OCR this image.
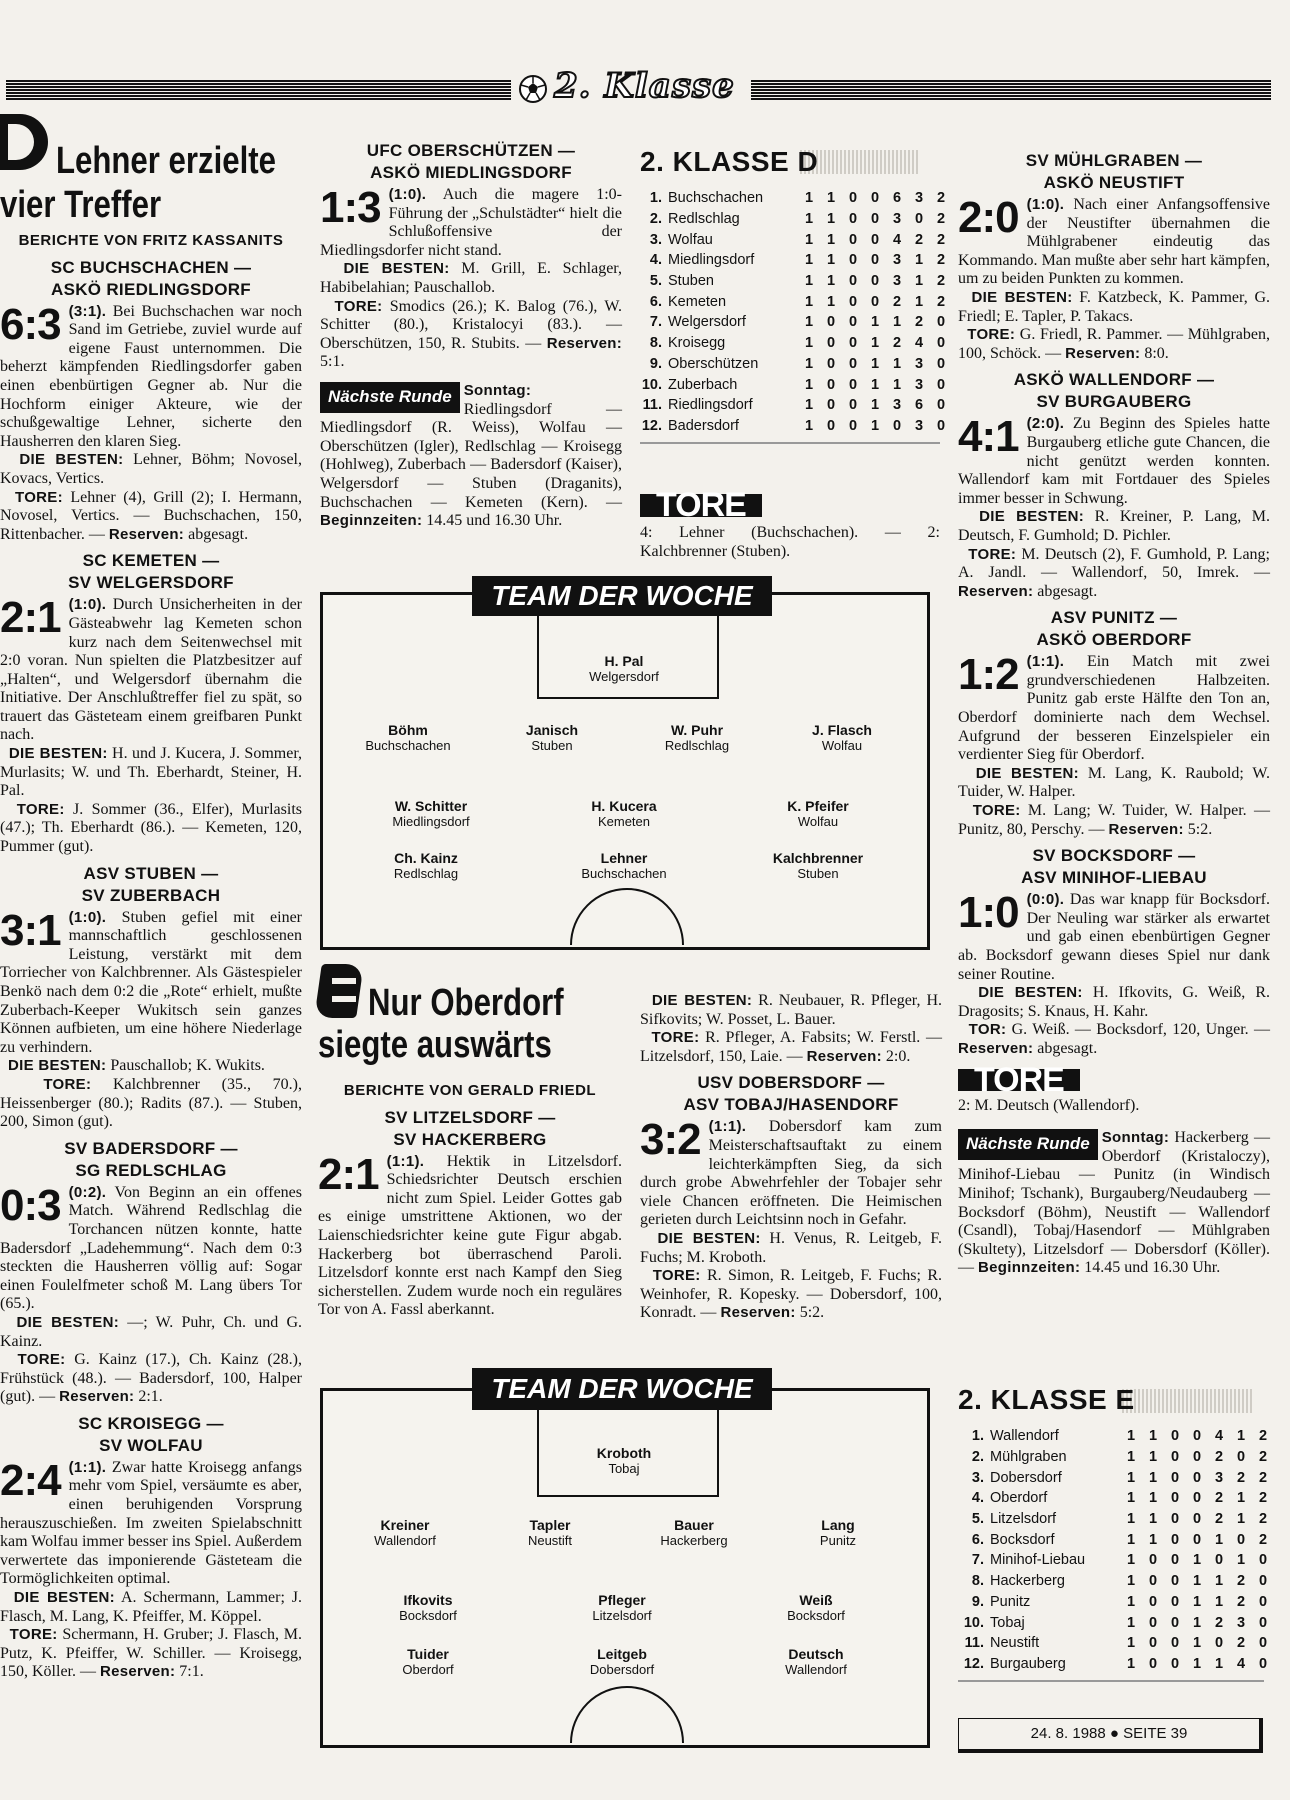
2. Klasse
Lehner erzielte
vier Treffer
BERICHTE VON FRITZ KASSANITS
SC BUCHSCHACHEN —
ASKÖ RIEDLINGSDORF

6:3 (3:1). Bei Buchschachen war noch Sand im Getriebe, zuviel wurde auf eigene Faust unternommen. Die beherzt kämpfenden Riedlingsdorfer gaben einen ebenbürtigen Gegner ab. Nur die Hochform einiger Akteure, wie der schußgewaltige Lehner, sicherte den Hausherren den klaren Sieg.

DIE BESTEN: Lehner, Böhm; Novosel, Kovacs, Vertics.

TORE: Lehner (4), Grill (2); I. Hermann, Novosel, Vertics. — Buchschachen, 150, Rittenbacher. — Reserven: abgesagt.

SC KEMETEN —
SV WELGERSDORF

2:1 (1:0). Durch Unsicherheiten in der Gästeabwehr lag Kemeten schon kurz nach dem Seitenwechsel mit 2:0 voran. Nun spielten die Platzbesitzer auf „Halten“, und Welgersdorf übernahm die Initiative. Der Anschlußtreffer fiel zu spät, so trauert das Gästeteam einem greifbaren Punkt nach.

DIE BESTEN: H. und J. Kucera, J. Sommer, Murlasits; W. und Th. Eberhardt, Steiner, H. Pal.

TORE: J. Sommer (36., Elfer), Murlasits (47.); Th. Eberhardt (86.). — Kemeten, 120, Pummer (gut).

ASV STUBEN —
SV ZUBERBACH

3:1 (1:0). Stuben gefiel mit einer mannschaftlich geschlossenen Leistung, verstärkt mit dem Torriecher von Kalchbrenner. Als Gästespieler Benkö nach dem 0:2 die „Rote“ erhielt, mußte Zuberbach-Keeper Wukitsch sein ganzes Können aufbieten, um eine höhere Niederlage zu verhindern.

DIE BESTEN: Pauschallob; K. Wukits.

TORE: Kalchbrenner (35., 70.), Heissenberger (80.); Radits (87.). — Stuben, 200, Simon (gut).

SV BADERSDORF —
SG REDLSCHLAG

0:3 (0:2). Von Beginn an ein offenes Match. Während Redlschlag die Torchancen nützen konnte, hatte Badersdorf „Ladehemmung“. Nach dem 0:3 steckten die Hausherren völlig auf: Sogar einen Foulelfmeter schoß M. Lang übers Tor (65.).

DIE BESTEN: —; W. Puhr, Ch. und G. Kainz.

TORE: G. Kainz (17.), Ch. Kainz (28.), Frühstück (48.). — Badersdorf, 100, Halper (gut). — Reserven: 2:1.

SC KROISEGG —
SV WOLFAU

2:4 (1:1). Zwar hatte Kroisegg anfangs mehr vom Spiel, versäumte es aber, einen beruhigenden Vorsprung herauszuschießen. Im zweiten Spielabschnitt kam Wolfau immer besser ins Spiel. Außerdem verwertete das imponierende Gästeteam die Tormöglichkeiten optimal.

DIE BESTEN: A. Schermann, Lammer; J. Flasch, M. Lang, K. Pfeiffer, M. Köppel.

TORE: Schermann, H. Gruber; J. Flasch, M. Putz, K. Pfeiffer, W. Schiller. — Kroisegg, 150, Köller. — Reserven: 7:1.

UFC OBERSCHÜTZEN —
ASKÖ MIEDLINGSDORF

1:3 (1:0). Auch die magere 1:0-Führung der „Schulstädter“ hielt die Schlußoffensive der Miedlingsdorfer nicht stand.

DIE BESTEN: M. Grill, E. Schlager, Habibelahian; Pauschallob.

TORE: Smodics (26.); K. Balog (76.), W. Schitter (80.), Kristalocyi (83.). — Oberschützen, 150, R. Stubits. — Reserven: 5:1.

Nächste Runde Sonntag: Riedlingsdorf — Miedlingsdorf (R. Weiss), Wolfau — Oberschützen (Igler), Redlschlag — Kroisegg (Hohlweg), Zuberbach — Badersdorf (Kaiser), Welgersdorf — Stuben (Draganits), Buchschachen — Kemeten (Kern). — Beginnzeiten: 14.45 und 16.30 Uhr.

2. KLASSE D
1. Buchschachen	1 1 0 0 6 3 2
2. Redlschlag	1 1 0 0 3 0 2
3. Wolfau	1 1 0 0 4 2 2
4. Miedlingsdorf	1 1 0 0 3 1 2
5. Stuben	1 1 0 0 3 1 2
6. Kemeten	1 1 0 0 2 1 2
7. Welgersdorf	1 0 0 1 1 2 0
8. Kroisegg	1 0 0 1 2 4 0
9. Oberschützen	1 0 0 1 1 3 0
10. Zuberbach	1 0 0 1 1 3 0
11. Riedlingsdorf	1 0 0 1 3 6 0
12. Badersdorf	1 0 0 1 0 3 0

TORE
4: Lehner (Buchschachen). — 2: Kalchbrenner (Stuben).

TEAM DER WOCHE
H. Pal
Welgersdorf
Böhm
Buchschachen
Janisch
Stuben
W. Puhr
Redlschlag
J. Flasch
Wolfau
W. Schitter
Miedlingsdorf
H. Kucera
Kemeten
K. Pfeifer
Wolfau
Ch. Kainz
Redlschlag
Lehner
Buchschachen
Kalchbrenner
Stuben
Nur Oberdorf
siegte auswärts
BERICHTE VON GERALD FRIEDL
SV LITZELSDORF —
SV HACKERBERG

2:1 (1:1). Hektik in Litzelsdorf. Schiedsrichter Deutsch erschien nicht zum Spiel. Leider Gottes gab es einige umstrittene Aktionen, wo der Laienschiedsrichter keine gute Figur abgab. Hackerberg bot überraschend Paroli. Litzelsdorf konnte erst nach Kampf den Sieg sicherstellen. Zudem wurde noch ein reguläres Tor von A. Fassl aberkannt.

DIE BESTEN: R. Neubauer, R. Pfleger, H. Sifkovits; W. Posset, L. Bauer.

TORE: R. Pfleger, A. Fabsits; W. Ferstl. — Litzelsdorf, 150, Laie. — Reserven: 2:0.

USV DOBERSDORF —
ASV TOBAJ/HASENDORF

3:2 (1:1). Dobersdorf kam zum Meisterschaftsauftakt zu einem leichterkämpften Sieg, da sich durch grobe Abwehrfehler der Tobajer sehr viele Chancen eröffneten. Die Heimischen gerieten durch Leichtsinn noch in Gefahr.

DIE BESTEN: H. Venus, R. Leitgeb, F. Fuchs; M. Kroboth.

TORE: R. Simon, R. Leitgeb, F. Fuchs; R. Weinhofer, R. Kopesky. — Dobersdorf, 100, Konradt. — Reserven: 5:2.

TEAM DER WOCHE
Kroboth
Tobaj
Kreiner
Wallendorf
Tapler
Neustift
Bauer
Hackerberg
Lang
Punitz
Ifkovits
Bocksdorf
Pfleger
Litzelsdorf
Weiß
Bocksdorf
Tuider
Oberdorf
Leitgeb
Dobersdorf
Deutsch
Wallendorf
SV MÜHLGRABEN —
ASKÖ NEUSTIFT

2:0 (1:0). Nach einer Anfangsoffensive der Neustifter übernahmen die Mühlgrabener eindeutig das Kommando. Man mußte aber sehr hart kämpfen, um zu beiden Punkten zu kommen.

DIE BESTEN: F. Katzbeck, K. Pammer, G. Friedl; E. Tapler, P. Takacs.

TORE: G. Friedl, R. Pammer. — Mühlgraben, 100, Schöck. — Reserven: 8:0.

ASKÖ WALLENDORF —
SV BURGAUBERG

4:1 (2:0). Zu Beginn des Spieles hatte Burgauberg etliche gute Chancen, die nicht genützt werden konnten. Wallendorf kam mit Fortdauer des Spieles immer besser in Schwung.

DIE BESTEN: R. Kreiner, P. Lang, M. Deutsch, F. Gumhold; D. Pichler.

TORE: M. Deutsch (2), F. Gumhold, P. Lang; A. Jandl. — Wallendorf, 50, Imrek. — Reserven: abgesagt.

ASV PUNITZ —
ASKÖ OBERDORF

1:2 (1:1). Ein Match mit zwei grundverschiedenen Halbzeiten. Punitz gab erste Hälfte den Ton an, Oberdorf dominierte nach dem Wechsel. Aufgrund der besseren Einzelspieler ein verdienter Sieg für Oberdorf.

DIE BESTEN: M. Lang, K. Raubold; W. Tuider, W. Halper.

TORE: M. Lang; W. Tuider, W. Halper. — Punitz, 80, Perschy. — Reserven: 5:2.

SV BOCKSDORF —
ASV MINIHOF-LIEBAU

1:0 (0:0). Das war knapp für Bocksdorf. Der Neuling war stärker als erwartet und gab einen ebenbürtigen Gegner ab. Bocksdorf gewann dieses Spiel nur dank seiner Routine.

DIE BESTEN: H. Ifkovits, G. Weiß, R. Dragosits; S. Knaus, H. Kahr.

TOR: G. Weiß. — Bocksdorf, 120, Unger. — Reserven: abgesagt.

TORE
2: M. Deutsch (Wallendorf).

Nächste Runde Sonntag: Hackerberg — Oberdorf (Kristaloczy), Minihof-Liebau — Punitz (in Windisch Minihof; Tschank), Burgauberg/Neudauberg — Bocksdorf (Böhm), Neustift — Wallendorf (Csandl), Tobaj/Hasendorf — Mühlgraben (Skultety), Litzelsdorf — Dobersdorf (Köller). — Beginnzeiten: 14.45 und 16.30 Uhr.

2. KLASSE E
1. Wallendorf	1 1 0 0 4 1 2
2. Mühlgraben	1 1 0 0 2 0 2
3. Dobersdorf	1 1 0 0 3 2 2
4. Oberdorf	1 1 0 0 2 1 2
5. Litzelsdorf	1 1 0 0 2 1 2
6. Bocksdorf	1 1 0 0 1 0 2
7. Minihof-Liebau	1 0 0 1 0 1 0
8. Hackerberg	1 0 0 1 1 2 0
9. Punitz	1 0 0 1 1 2 0
10. Tobaj	1 0 0 1 2 3 0
11. Neustift	1 0 0 1 0 2 0
12. Burgauberg	1 0 0 1 1 4 0
24. 8. 1988 ● SEITE 39
